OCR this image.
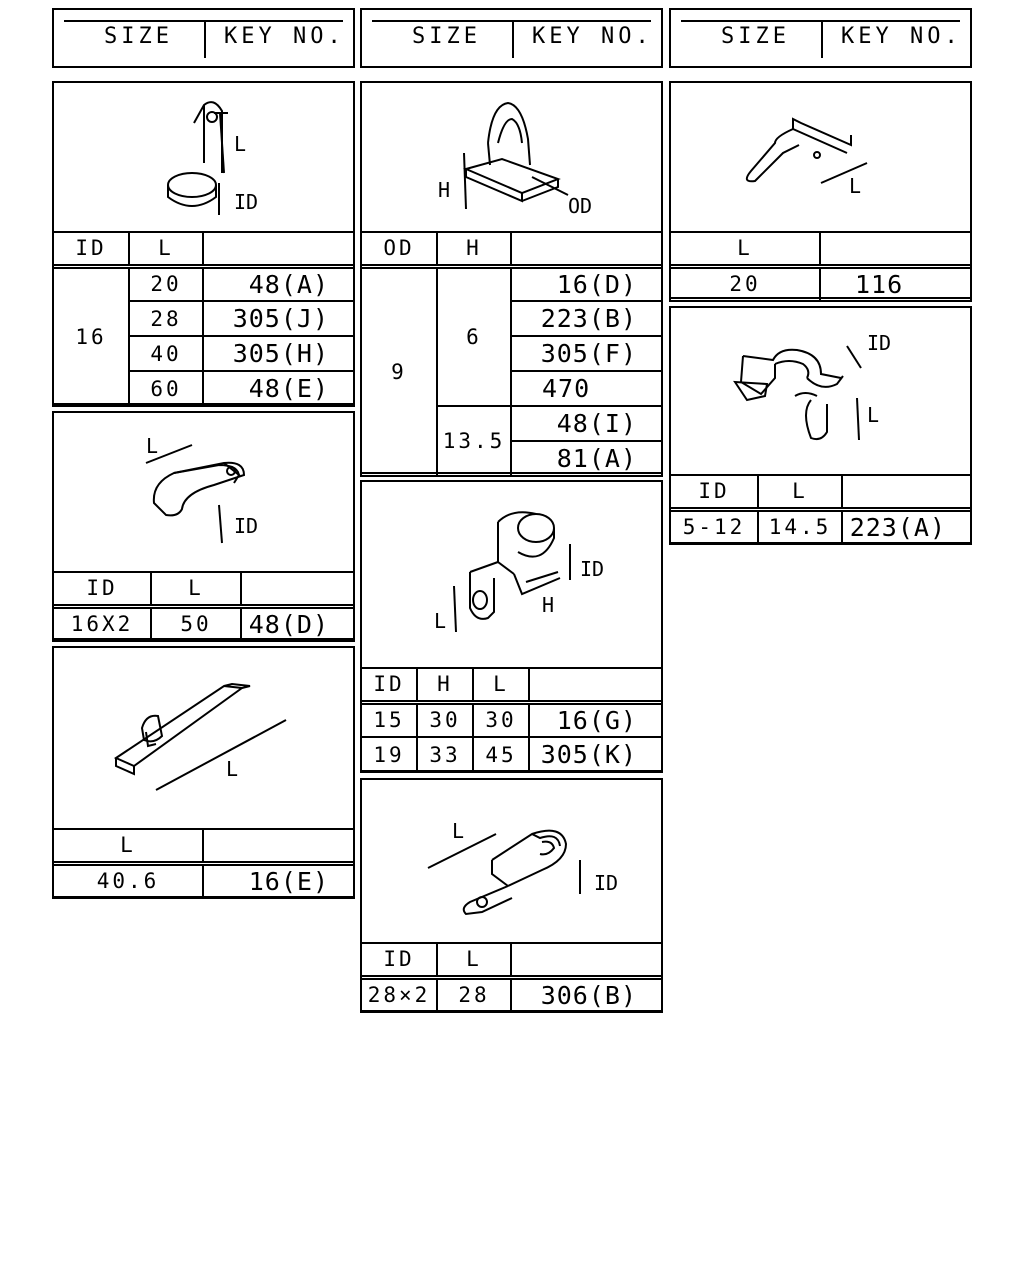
SIZE KEY NO.	SIZE KEY NO.	SIZE KEY NO.
L
ID
ID	L	
16	20	48(A)
	28	305(J)
	40	305(H)
	60	48(E)
L
ID
ID	L	
16X2	50	48(D)
L
L	
40.6	16(E)
H
OD
OD	H	
9	6	16(D)
		223(B)
		305(F)
		470
	13.5	48(I)
		81(A)
L
ID
H
ID	H	L	
15	30	30	16(G)
19	33	45	305(K)
L
ID
ID	L	
28×2	28	306(B)
L
L	
20	116
ID
L
ID	L	
5-12	14.5	223(A)
